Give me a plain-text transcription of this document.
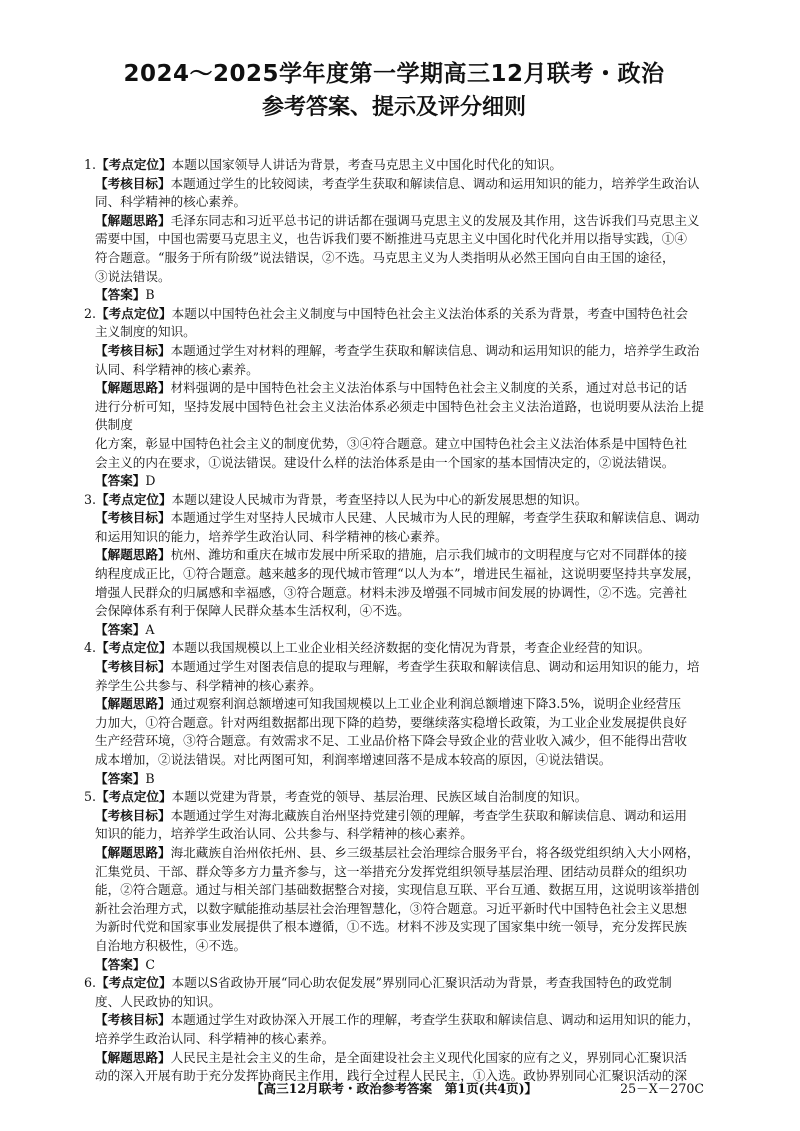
2024～2025学年度第一学期高三12月联考・政治
参考答案、提示及评分细则

1.【考点定位】本题以国家领导人讲话为背景，考查马克思主义中国化时代化的知识。

【考核目标】本题通过学生的比较阅读，考查学生获取和解读信息、调动和运用知识的能力，培养学生政治认

同、科学精神的核心素养。

【解题思路】毛泽东同志和习近平总书记的讲话都在强调马克思主义的发展及其作用，这告诉我们马克思主义

需要中国，中国也需要马克思主义，也告诉我们要不断推进马克思主义中国化时代化并用以指导实践，①④

符合题意。“服务于所有阶级”说法错误，②不选。马克思主义为人类指明从必然王国向自由王国的途径，

③说法错误。

【答案】B

2.【考点定位】本题以中国特色社会主义制度与中国特色社会主义法治体系的关系为背景，考查中国特色社会

主义制度的知识。

【考核目标】本题通过学生对材料的理解，考查学生获取和解读信息、调动和运用知识的能力，培养学生政治

认同、科学精神的核心素养。

【解题思路】材料强调的是中国特色社会主义法治体系与中国特色社会主义制度的关系，通过对总书记的话

进行分析可知，坚持发展中国特色社会主义法治体系必须走中国特色社会主义法治道路，也说明要从法治上提供制度

化方案，彰显中国特色社会主义的制度优势，③④符合题意。建立中国特色社会主义法治体系是中国特色社

会主义的内在要求，①说法错误。建设什么样的法治体系是由一个国家的基本国情决定的，②说法错误。

【答案】D

3.【考点定位】本题以建设人民城市为背景，考查坚持以人民为中心的新发展思想的知识。

【考核目标】本题通过学生对坚持人民城市人民建、人民城市为人民的理解，考查学生获取和解读信息、调动

和运用知识的能力，培养学生政治认同、科学精神的核心素养。

【解题思路】杭州、潍坊和重庆在城市发展中所采取的措施，启示我们城市的文明程度与它对不同群体的接

纳程度成正比，①符合题意。越来越多的现代城市管理“以人为本”，增进民生福祉，这说明要坚持共享发展，

增强人民群众的归属感和幸福感，③符合题意。材料未涉及增强不同城市间发展的协调性，②不选。完善社

会保障体系有利于保障人民群众基本生活权利，④不选。

【答案】A

4.【考点定位】本题以我国规模以上工业企业相关经济数据的变化情况为背景，考查企业经营的知识。

【考核目标】本题通过学生对图表信息的提取与理解，考查学生获取和解读信息、调动和运用知识的能力，培

养学生公共参与、科学精神的核心素养。

【解题思路】通过观察利润总额增速可知我国规模以上工业企业利润总额增速下降3.5%，说明企业经营压

力加大，①符合题意。针对两组数据都出现下降的趋势，要继续落实稳增长政策，为工业企业发展提供良好

生产经营环境，③符合题意。有效需求不足、工业品价格下降会导致企业的营业收入减少，但不能得出营收

成本增加，②说法错误。对比两图可知，利润率增速回落不是成本较高的原因，④说法错误。

【答案】B

5.【考点定位】本题以党建为背景，考查党的领导、基层治理、民族区域自治制度的知识。

【考核目标】本题通过学生对海北藏族自治州坚持党建引领的理解，考查学生获取和解读信息、调动和运用

知识的能力，培养学生政治认同、公共参与、科学精神的核心素养。

【解题思路】海北藏族自治州依托州、县、乡三级基层社会治理综合服务平台，将各级党组织纳入大小网格，

汇集党员、干部、群众等多方力量齐参与，这一举措充分发挥党组织领导基层治理、团结动员群众的组织功

能，②符合题意。通过与相关部门基础数据整合对接，实现信息互联、平台互通、数据互用，这说明该举措创

新社会治理方式，以数字赋能推动基层社会治理智慧化，③符合题意。习近平新时代中国特色社会主义思想

为新时代党和国家事业发展提供了根本遵循，①不选。材料不涉及实现了国家集中统一领导，充分发挥民族

自治地方积极性，④不选。

【答案】C

6.【考点定位】本题以S省政协开展“同心助农促发展”界别同心汇聚识活动为背景，考查我国特色的政党制

度、人民政协的知识。

【考核目标】本题通过学生对政协深入开展工作的理解，考查学生获取和解读信息、调动和运用知识的能力，

培养学生政治认同、科学精神的核心素养。

【解题思路】人民民主是社会主义的生命，是全面建设社会主义现代化国家的应有之义，界别同心汇聚识活

动的深入开展有助于充分发挥协商民主作用，践行全过程人民民主，①入选。政协界别同心汇聚识活动的深

【高三12月联考・政治参考答案　第1页(共4页)】	25－X－270C
